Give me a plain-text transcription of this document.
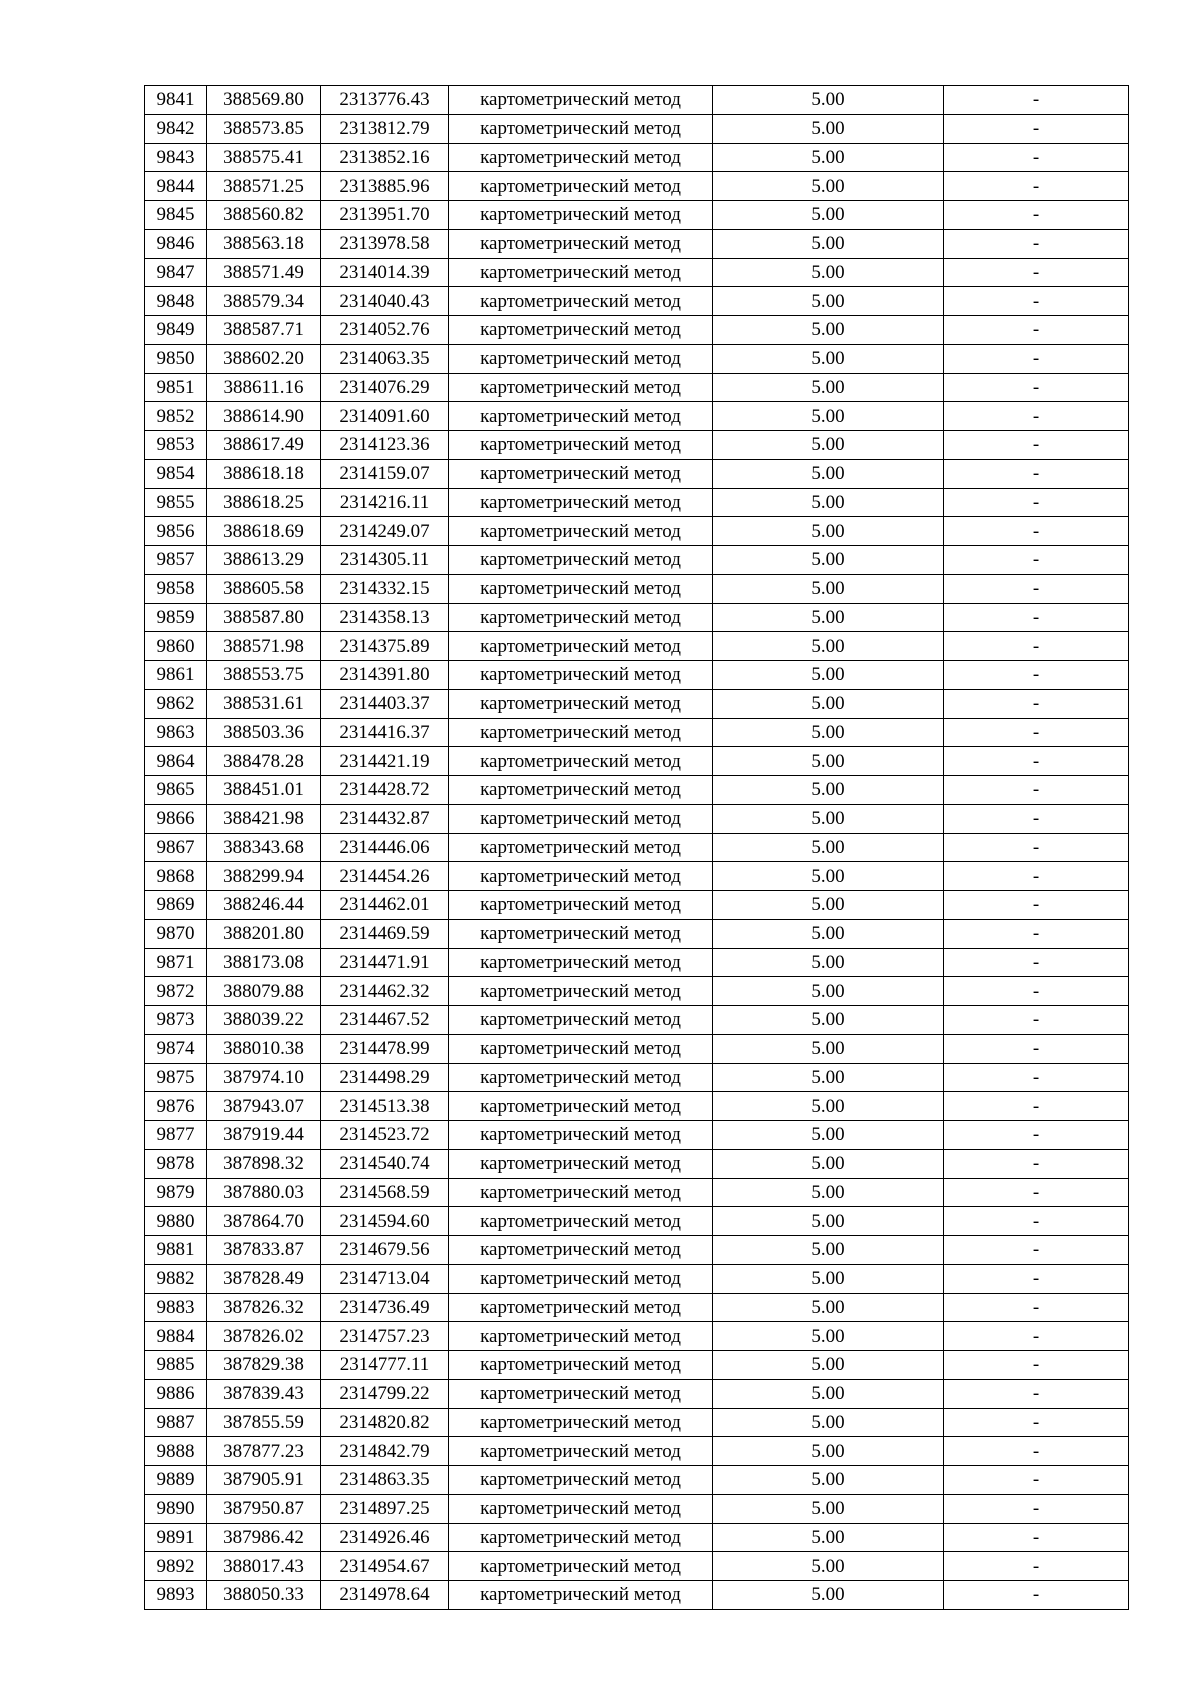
9841	388569.80	2313776.43	картометрический метод	5.00	-
9842	388573.85	2313812.79	картометрический метод	5.00	-
9843	388575.41	2313852.16	картометрический метод	5.00	-
9844	388571.25	2313885.96	картометрический метод	5.00	-
9845	388560.82	2313951.70	картометрический метод	5.00	-
9846	388563.18	2313978.58	картометрический метод	5.00	-
9847	388571.49	2314014.39	картометрический метод	5.00	-
9848	388579.34	2314040.43	картометрический метод	5.00	-
9849	388587.71	2314052.76	картометрический метод	5.00	-
9850	388602.20	2314063.35	картометрический метод	5.00	-
9851	388611.16	2314076.29	картометрический метод	5.00	-
9852	388614.90	2314091.60	картометрический метод	5.00	-
9853	388617.49	2314123.36	картометрический метод	5.00	-
9854	388618.18	2314159.07	картометрический метод	5.00	-
9855	388618.25	2314216.11	картометрический метод	5.00	-
9856	388618.69	2314249.07	картометрический метод	5.00	-
9857	388613.29	2314305.11	картометрический метод	5.00	-
9858	388605.58	2314332.15	картометрический метод	5.00	-
9859	388587.80	2314358.13	картометрический метод	5.00	-
9860	388571.98	2314375.89	картометрический метод	5.00	-
9861	388553.75	2314391.80	картометрический метод	5.00	-
9862	388531.61	2314403.37	картометрический метод	5.00	-
9863	388503.36	2314416.37	картометрический метод	5.00	-
9864	388478.28	2314421.19	картометрический метод	5.00	-
9865	388451.01	2314428.72	картометрический метод	5.00	-
9866	388421.98	2314432.87	картометрический метод	5.00	-
9867	388343.68	2314446.06	картометрический метод	5.00	-
9868	388299.94	2314454.26	картометрический метод	5.00	-
9869	388246.44	2314462.01	картометрический метод	5.00	-
9870	388201.80	2314469.59	картометрический метод	5.00	-
9871	388173.08	2314471.91	картометрический метод	5.00	-
9872	388079.88	2314462.32	картометрический метод	5.00	-
9873	388039.22	2314467.52	картометрический метод	5.00	-
9874	388010.38	2314478.99	картометрический метод	5.00	-
9875	387974.10	2314498.29	картометрический метод	5.00	-
9876	387943.07	2314513.38	картометрический метод	5.00	-
9877	387919.44	2314523.72	картометрический метод	5.00	-
9878	387898.32	2314540.74	картометрический метод	5.00	-
9879	387880.03	2314568.59	картометрический метод	5.00	-
9880	387864.70	2314594.60	картометрический метод	5.00	-
9881	387833.87	2314679.56	картометрический метод	5.00	-
9882	387828.49	2314713.04	картометрический метод	5.00	-
9883	387826.32	2314736.49	картометрический метод	5.00	-
9884	387826.02	2314757.23	картометрический метод	5.00	-
9885	387829.38	2314777.11	картометрический метод	5.00	-
9886	387839.43	2314799.22	картометрический метод	5.00	-
9887	387855.59	2314820.82	картометрический метод	5.00	-
9888	387877.23	2314842.79	картометрический метод	5.00	-
9889	387905.91	2314863.35	картометрический метод	5.00	-
9890	387950.87	2314897.25	картометрический метод	5.00	-
9891	387986.42	2314926.46	картометрический метод	5.00	-
9892	388017.43	2314954.67	картометрический метод	5.00	-
9893	388050.33	2314978.64	картометрический метод	5.00	-
